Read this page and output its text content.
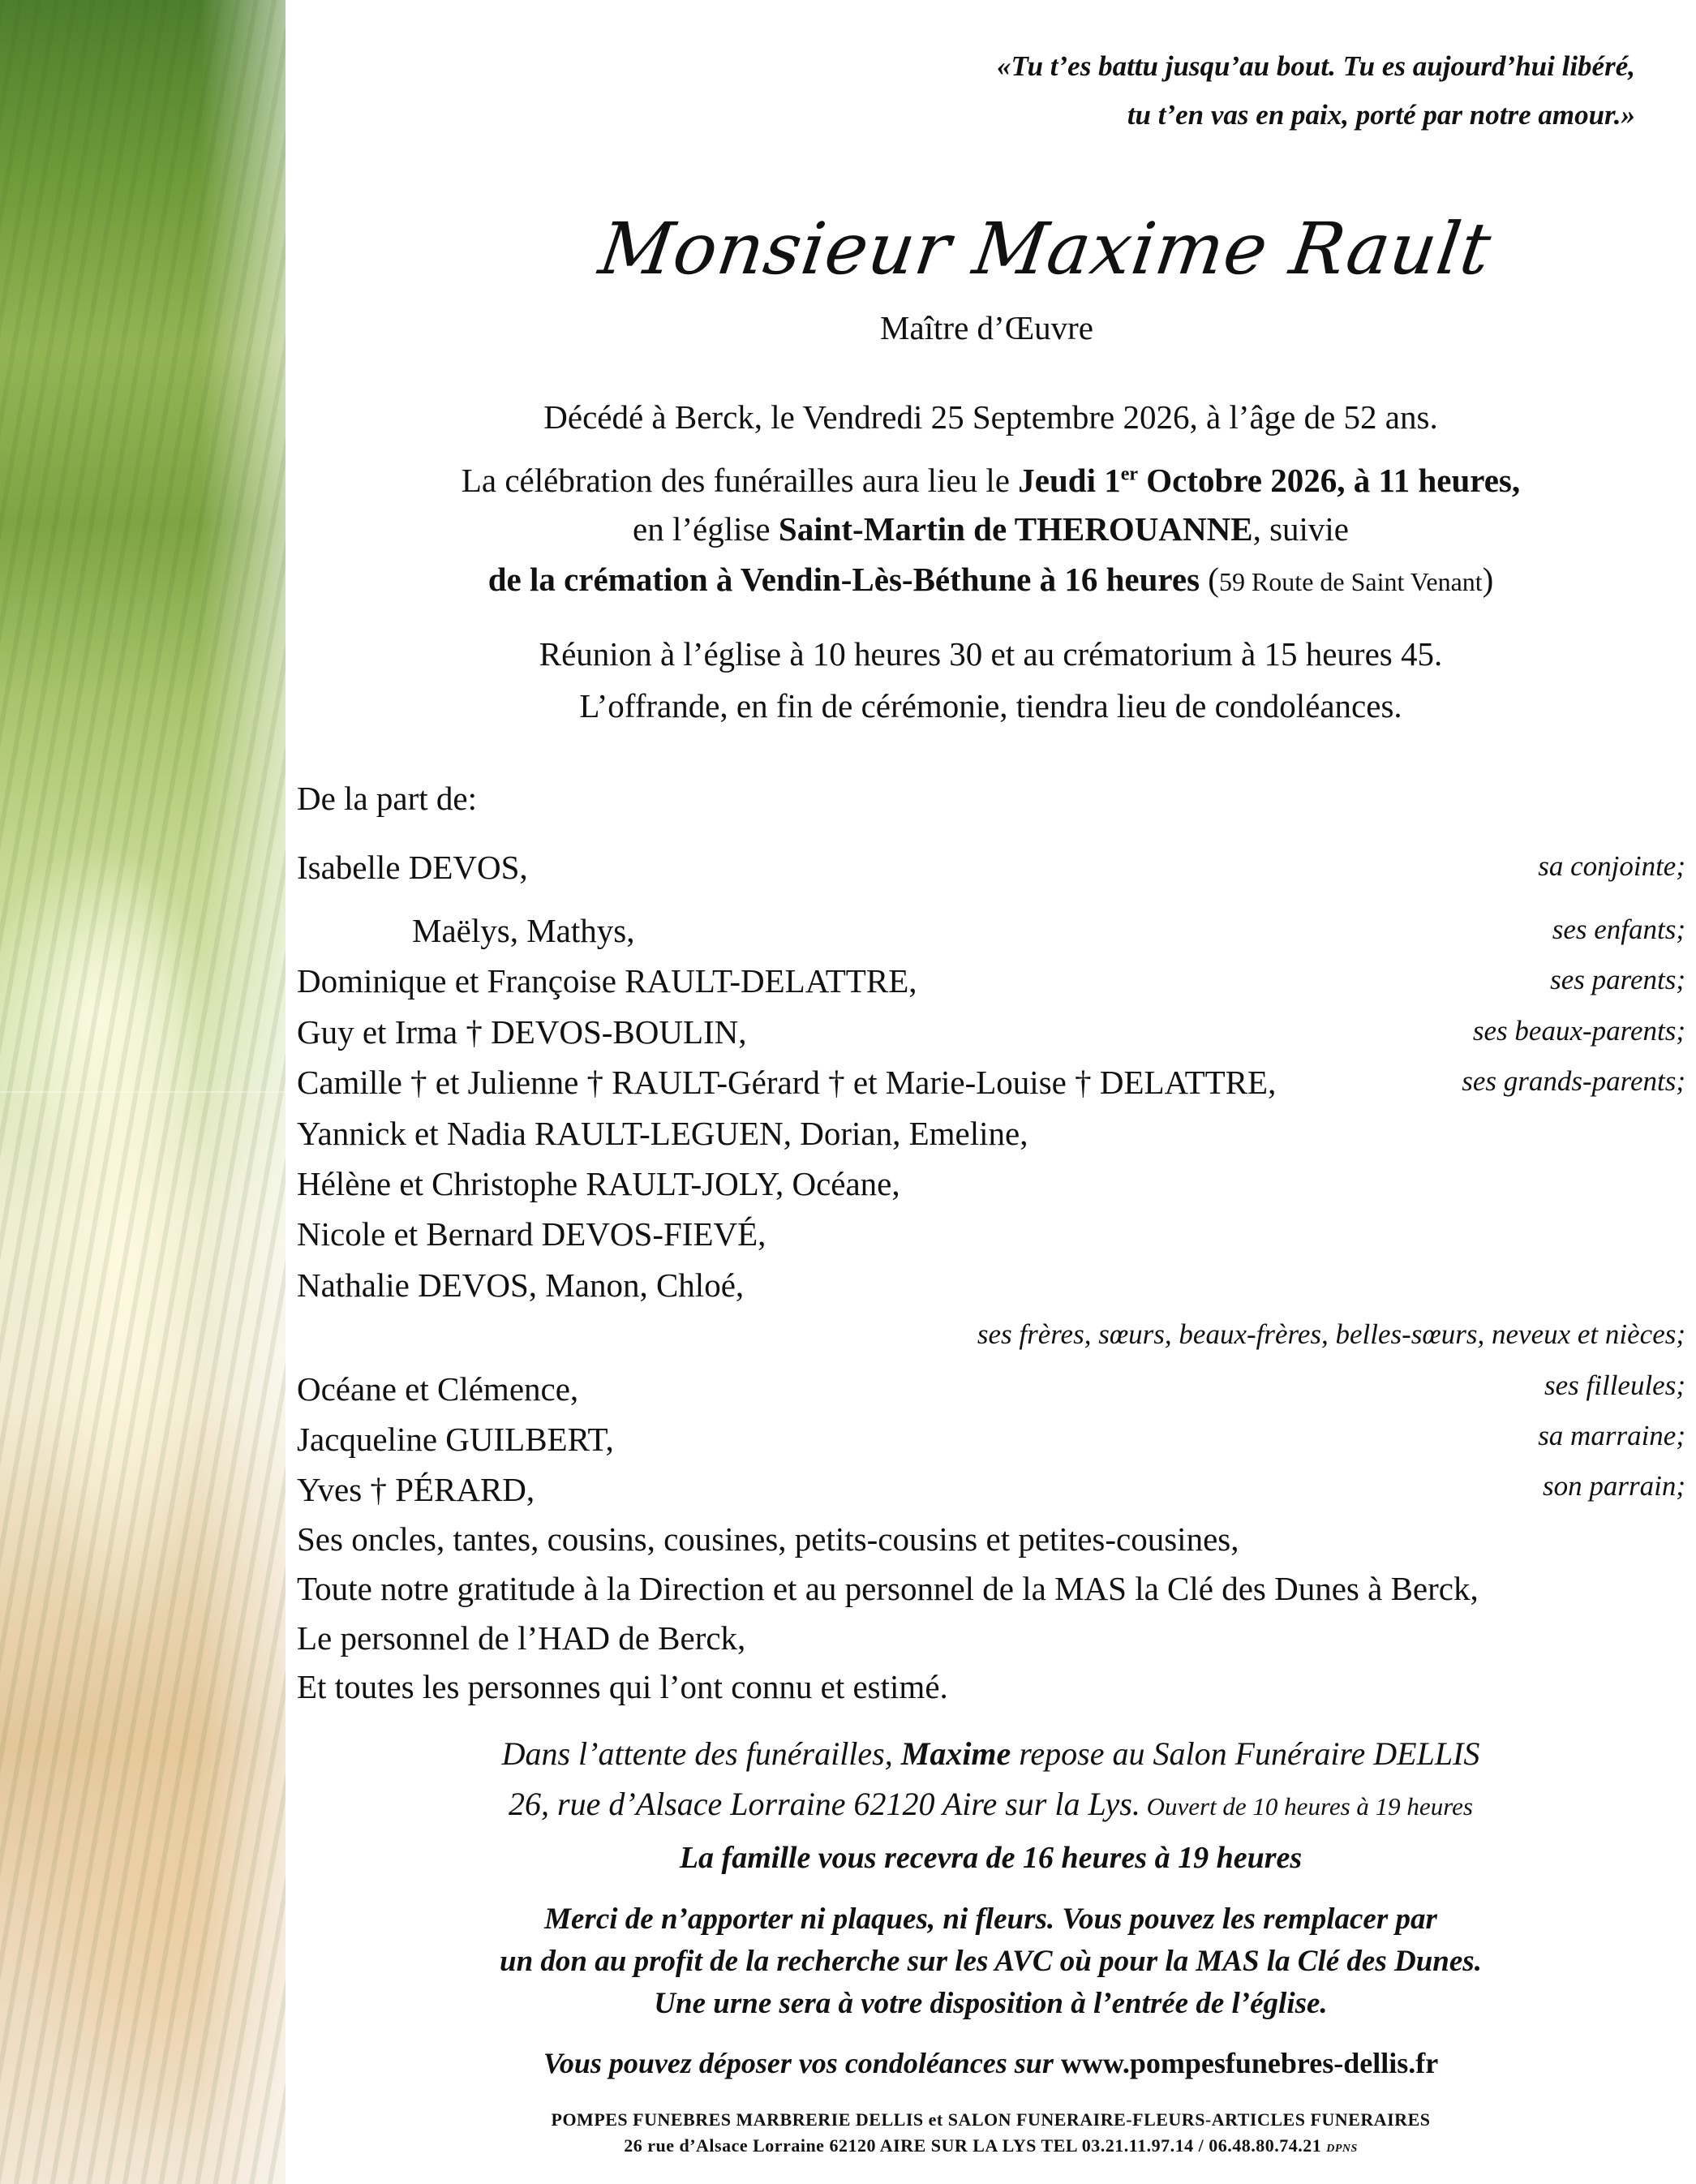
«Tu t’es battu jusqu’au bout. Tu es aujourd’hui libéré,
tu t’en vas en paix, porté par notre amour.»
Monsieur Maxime Rault
Maître d’Œuvre
Décédé à Berck, le Vendredi 25 Septembre 2026, à l’âge de 52 ans.
La célébration des funérailles aura lieu le Jeudi 1er Octobre 2026, à 11 heures,
en l’église Saint-Martin de THEROUANNE, suivie
de la crémation à Vendin-Lès-Béthune à 16 heures (59 Route de Saint Venant)
Réunion à l’église à 10 heures 30 et au crématorium à 15 heures 45.
L’offrande, en fin de cérémonie, tiendra lieu de condoléances.
De la part de:
Isabelle DEVOS,	sa conjointe;
Maëlys, Mathys,	ses enfants;
Dominique et Françoise RAULT-DELATTRE,	ses parents;
Guy et Irma † DEVOS-BOULIN,	ses beaux-parents;
Camille † et Julienne † RAULT-Gérard † et Marie-Louise † DELATTRE,	ses grands-parents;
Yannick et Nadia RAULT-LEGUEN, Dorian, Emeline,
Hélène et Christophe RAULT-JOLY, Océane,
Nicole et Bernard DEVOS-FIEVÉ,
Nathalie DEVOS, Manon, Chloé,
ses frères, sœurs, beaux-frères, belles-sœurs, neveux et nièces;
Océane et Clémence,	ses filleules;
Jacqueline GUILBERT,	sa marraine;
Yves † PÉRARD,	son parrain;
Ses oncles, tantes, cousins, cousines, petits-cousins et petites-cousines,
Toute notre gratitude à la Direction et au personnel de la MAS la Clé des Dunes à Berck,
Le personnel de l’HAD de Berck,
Et toutes les personnes qui l’ont connu et estimé.
Dans l’attente des funérailles, Maxime repose au Salon Funéraire DELLIS
26, rue d’Alsace Lorraine 62120 Aire sur la Lys. Ouvert de 10 heures à 19 heures
La famille vous recevra de 16 heures à 19 heures
Merci de n’apporter ni plaques, ni fleurs. Vous pouvez les remplacer par
un don au profit de la recherche sur les AVC où pour la MAS la Clé des Dunes.
Une urne sera à votre disposition à l’entrée de l’église.
Vous pouvez déposer vos condoléances sur www.pompesfunebres-dellis.fr
POMPES FUNEBRES MARBRERIE DELLIS et SALON FUNERAIRE-FLEURS-ARTICLES FUNERAIRES
26 rue d’Alsace Lorraine 62120 AIRE SUR LA LYS TEL 03.21.11.97.14 / 06.48.80.74.21 DPNS
